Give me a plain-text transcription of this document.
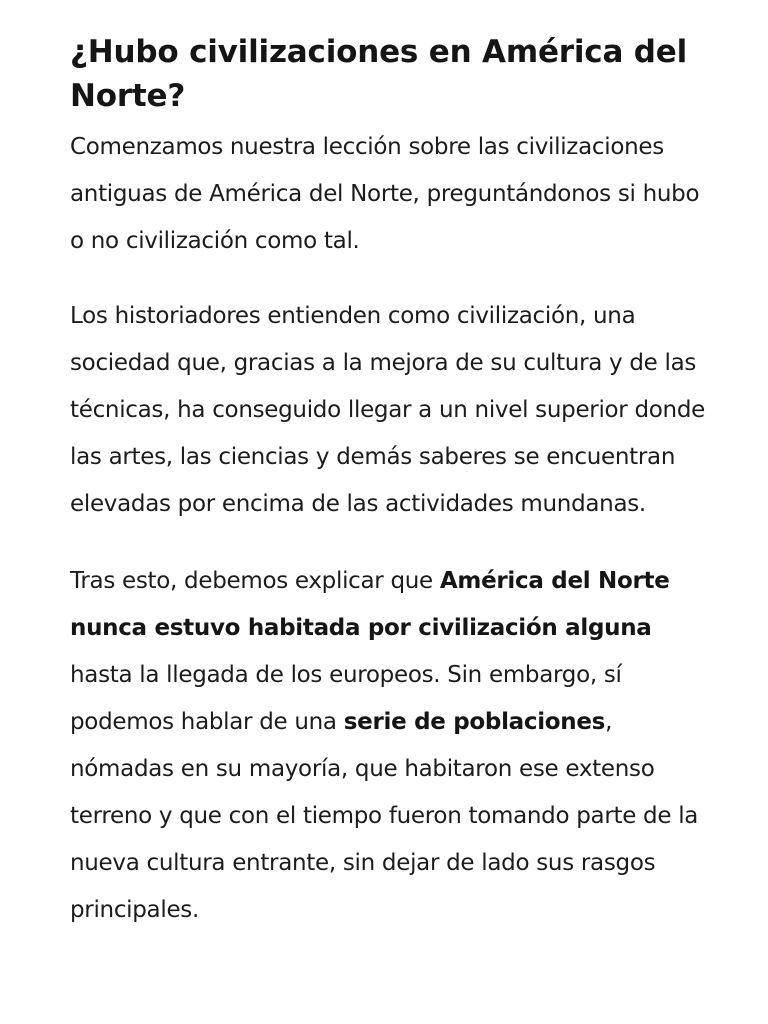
¿Hubo civilizaciones en América del Norte?

Comenzamos nuestra lección sobre las civilizaciones antiguas de América del Norte, preguntándonos si hubo o no civilización como tal.

Los historiadores entienden como civilización, una sociedad que, gracias a la mejora de su cultura y de las técnicas, ha conseguido llegar a un nivel superior donde las artes, las ciencias y demás saberes se encuentran elevadas por encima de las actividades mundanas.

Tras esto, debemos explicar que América del Norte nunca estuvo habitada por civilización alguna hasta la llegada de los europeos. Sin embargo, sí podemos hablar de una serie de poblaciones, nómadas en su mayoría, que habitaron ese extenso terreno y que con el tiempo fueron tomando parte de la nueva cultura entrante, sin dejar de lado sus rasgos principales.
